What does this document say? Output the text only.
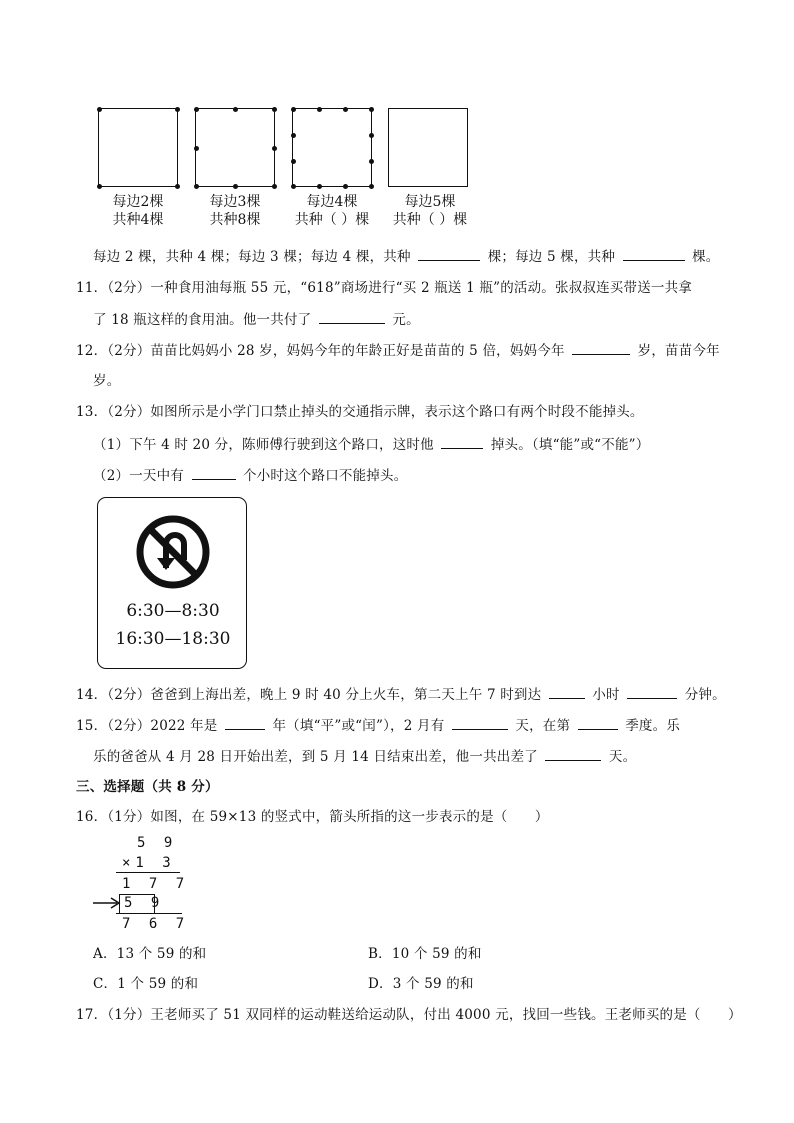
每边2棵
共种4棵
每边3棵
共种8棵
每边4棵
共种（ ）棵
每边5棵
共种（ ）棵
每边 2 棵，共种 4 棵；每边 3 棵；每边 4 棵，共种	棵；每边 5 棵，共种	棵。
11．（2分）一种食用油每瓶 55 元，“618”商场进行“买 2 瓶送 1 瓶”的活动。张叔叔连买带送一共拿
了 18 瓶这样的食用油。他一共付了	元。
12．（2分）苗苗比妈妈小 28 岁，妈妈今年的年龄正好是苗苗的 5 倍，妈妈今年	岁，苗苗今年
岁。
13．（2分）如图所示是小学门口禁止掉头的交通指示牌，表示这个路口有两个时段不能掉头。
（1）下午 4 时 20 分，陈师傅行驶到这个路口，这时他	掉头。（填“能”或“不能”）
（2）一天中有	个小时这个路口不能掉头。
6:30—8:30
16:30—18:30
14．（2分）爸爸到上海出差，晚上 9 时 40 分上火车，第二天上午 7 时到达	小时	分钟。
15．（2分）2022 年是	年（填“平”或“闰”），2 月有	天，在第	季度。乐
乐的爸爸从 4 月 28 日开始出差，到 5 月 14 日结束出差，他一共出差了	天。
三、选择题（共 8 分）
16．（1分）如图，在 59×13 的竖式中，箭头所指的这一步表示的是（　　）
5 9
×1 3
1 7 7
5 9
7 6 7
A．13 个 59 的和	B．10 个 59 的和
C．1 个 59 的和	D．3 个 59 的和
17．（1分）王老师买了 51 双同样的运动鞋送给运动队，付出 4000 元，找回一些钱。王老师买的是（　　）
